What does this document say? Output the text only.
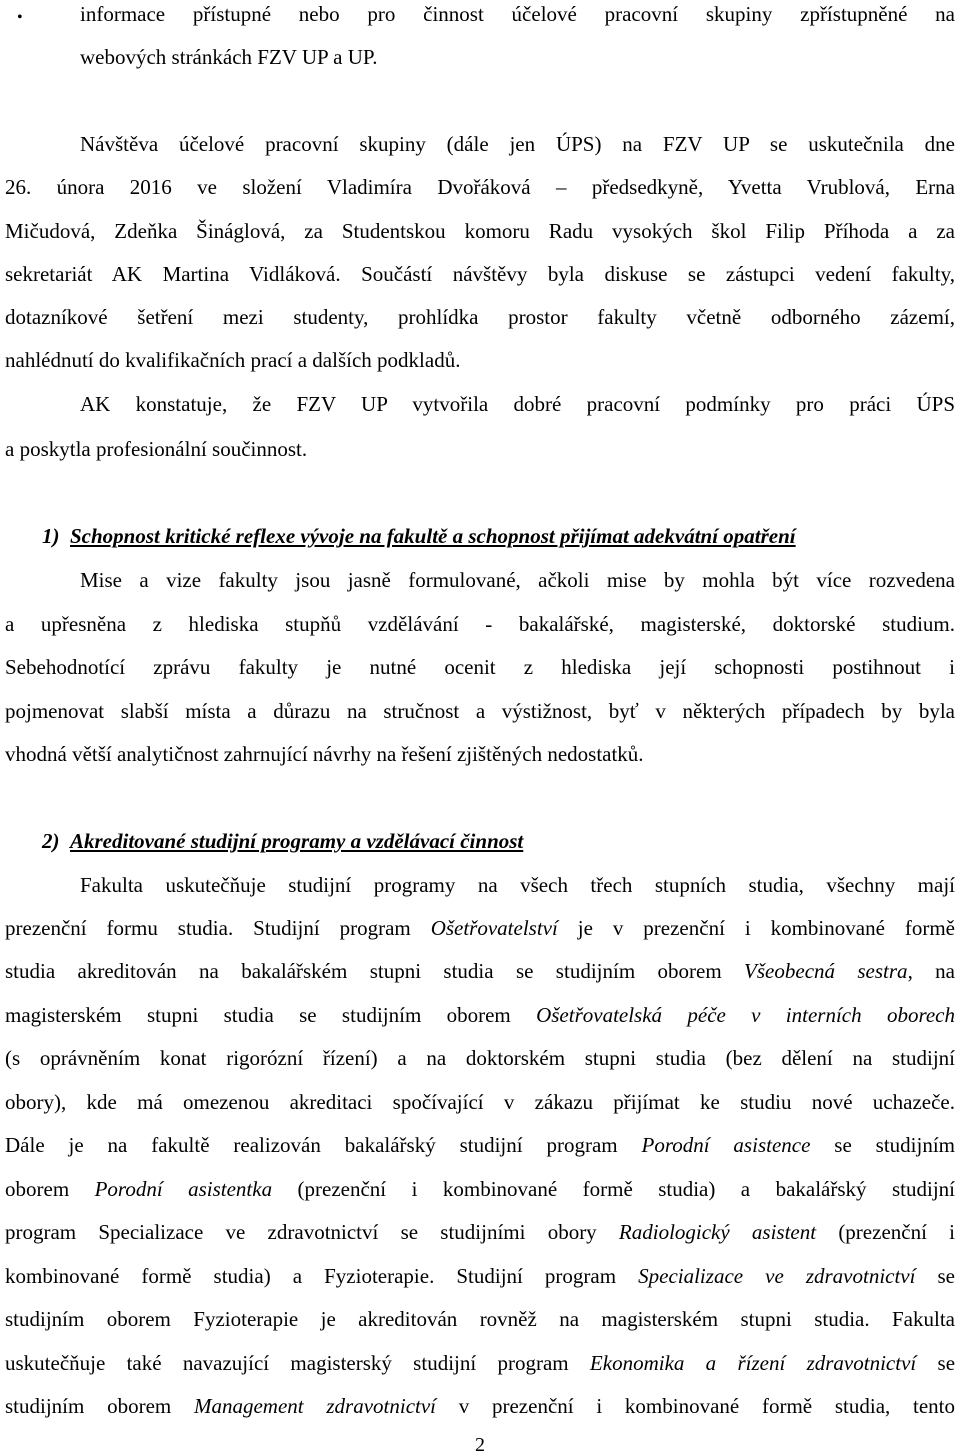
•	informace přístupné nebo pro činnost účelové pracovní skupiny zpřístupněné na
webových stránkách FZV UP a UP.
Návštěva účelové pracovní skupiny (dále jen ÚPS) na FZV UP se uskutečnila dne
26. února 2016 ve složení Vladimíra Dvořáková – předsedkyně, Yvetta Vrublová, Erna
Mičudová, Zdeňka Šináglová, za Studentskou komoru Radu vysokých škol Filip Příhoda a za
sekretariát AK Martina Vidláková. Součástí návštěvy byla diskuse se zástupci vedení fakulty,
dotazníkové šetření mezi studenty, prohlídka prostor fakulty včetně odborného zázemí,
nahlédnutí do kvalifikačních prací a dalších podkladů.
AK konstatuje, že FZV UP vytvořila dobré pracovní podmínky pro práci ÚPS
a poskytla profesionální součinnost.
1) Schopnost kritické reflexe vývoje na fakultě a schopnost přijímat adekvátní opatření
Mise a vize fakulty jsou jasně formulované, ačkoli mise by mohla být více rozvedena
a upřesněna z hlediska stupňů vzdělávání - bakalářské, magisterské, doktorské studium.
Sebehodnotící zprávu fakulty je nutné ocenit z hlediska její schopnosti postihnout i
pojmenovat slabší místa a důrazu na stručnost a výstižnost, byť v některých případech by byla
vhodná větší analytičnost zahrnující návrhy na řešení zjištěných nedostatků.
2) Akreditované studijní programy a vzdělávací činnost
Fakulta uskutečňuje studijní programy na všech třech stupních studia, všechny mají
prezenční formu studia. Studijní program Ošetřovatelství je v prezenční i kombinované formě
studia akreditován na bakalářském stupni studia se studijním oborem Všeobecná sestra, na
magisterském stupni studia se studijním oborem Ošetřovatelská péče v interních oborech
(s oprávněním konat rigorózní řízení) a na doktorském stupni studia (bez dělení na studijní
obory), kde má omezenou akreditaci spočívající v zákazu přijímat ke studiu nové uchazeče.
Dále je na fakultě realizován bakalářský studijní program Porodní asistence se studijním
oborem Porodní asistentka (prezenční i kombinované formě studia) a bakalářský studijní
program Specializace ve zdravotnictví se studijními obory Radiologický asistent (prezenční i
kombinované formě studia) a Fyzioterapie. Studijní program Specializace ve zdravotnictví se
studijním oborem Fyzioterapie je akreditován rovněž na magisterském stupni studia. Fakulta
uskutečňuje také navazující magisterský studijní program Ekonomika a řízení zdravotnictví se
studijním oborem Management zdravotnictví v prezenční i kombinované formě studia, tento
2
